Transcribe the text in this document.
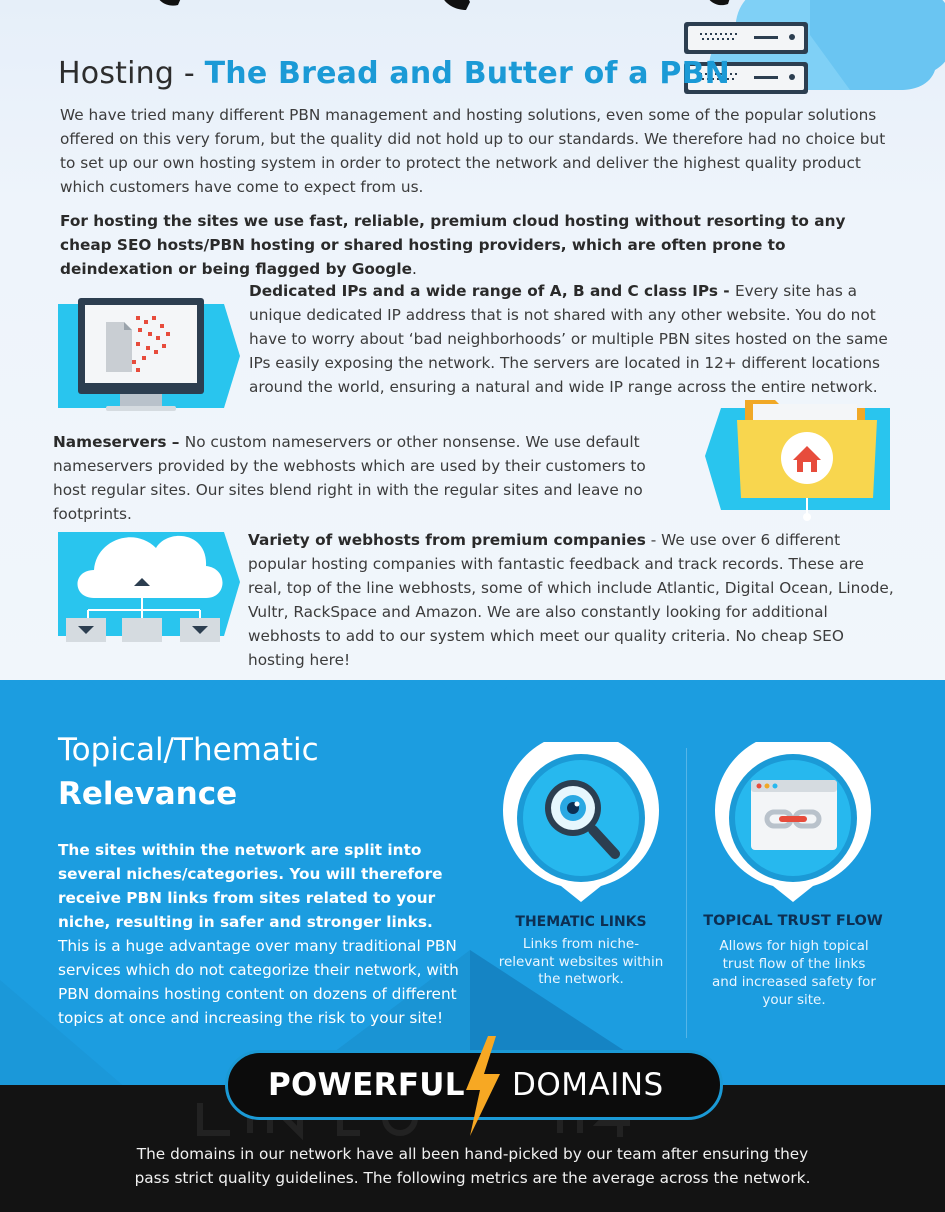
Hosting - The Bread and Butter of a PBN

We have tried many different PBN management and hosting solutions, even some of the popular solutions offered on this very forum, but the quality did not hold up to our standards. We therefore had no choice but to set up our own hosting system in order to protect the network and deliver the highest quality product which customers have come to expect from us.

For hosting the sites we use fast, reliable, premium cloud hosting without resorting to any cheap SEO hosts/PBN hosting or shared hosting providers, which are often prone to deindexation or being flagged by Google.

Dedicated IPs and a wide range of A, B and C class IPs - Every site has a unique dedicated IP address that is not shared with any other website. You do not have to worry about ‘bad neighborhoods’ or multiple PBN sites hosted on the same IPs easily exposing the network. The servers are located in 12+ different locations around the world, ensuring a natural and wide IP range across the entire network.

Nameservers – No custom nameservers or other nonsense. We use default nameservers provided by the webhosts which are used by their customers to host regular sites. Our sites blend right in with the regular sites and leave no footprints.

Variety of webhosts from premium companies - We use over 6 different popular hosting companies with fantastic feedback and track records. These are real, top of the line webhosts, some of which include Atlantic, Digital Ocean, Linode, Vultr, RackSpace and Amazon. We are also constantly looking for additional webhosts to add to our system which meet our quality criteria. No cheap SEO hosting here!

Topical/Thematic
Relevance

The sites within the network are split into several niches/categories. You will therefore receive PBN links from sites related to your niche, resulting in safer and stronger links. This is a huge advantage over many traditional PBN services which do not categorize their network, with PBN domains hosting content on dozens of different topics at once and increasing the risk to your site!

THEMATIC LINKS
Links from niche-relevant websites within the network.
TOPICAL TRUST FLOW
Allows for high topical trust flow of the links and increased safety for your site.

The domains in our network have all been hand-picked by our team after ensuring they pass strict quality guidelines. The following metrics are the average across the network.

POWERFUL DOMAINS
